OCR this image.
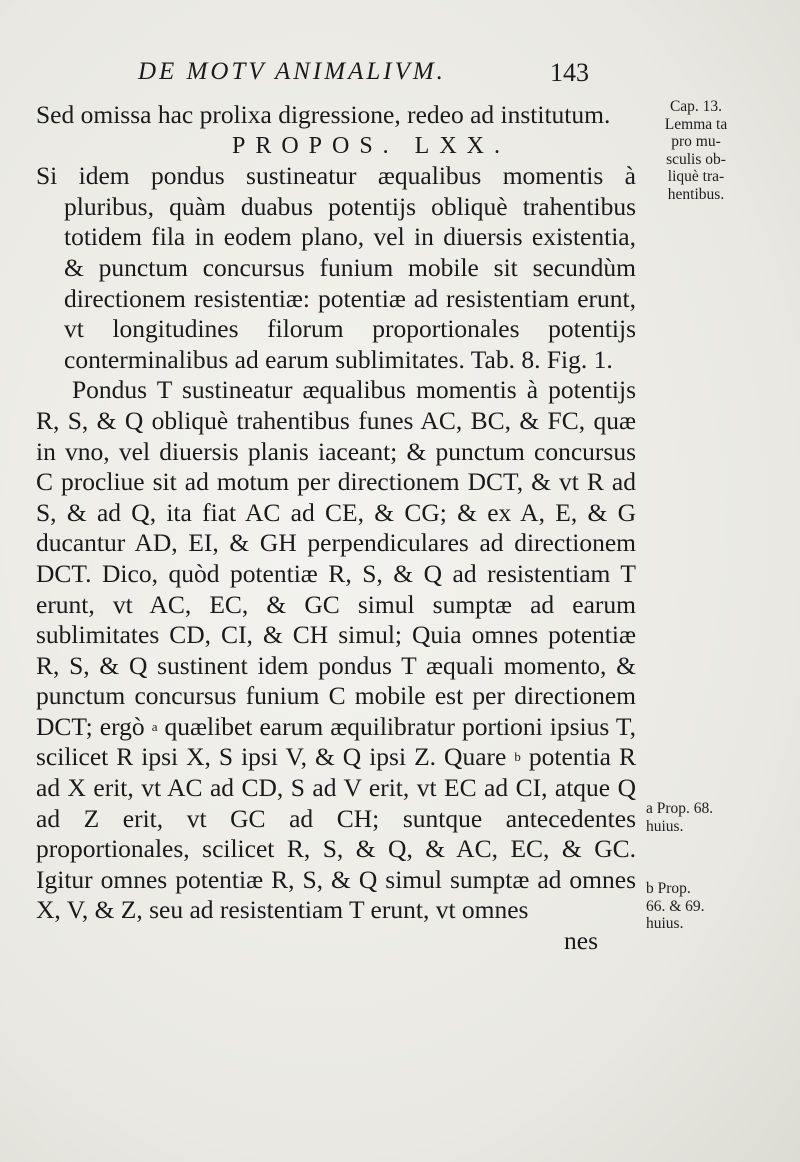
DE MOTV ANIMALIVM.	143

Sed omissa hac prolixa digressione, redeo ad institutum.

PROPOS. LXX.

Si idem pondus sustineatur æqualibus momentis à pluribus, quàm duabus potentijs obliquè trahentibus totidem fila in eodem plano, vel in diuersis existentia, & punctum concursus funium mobile sit secundùm directionem resistentiæ: potentiæ ad resistentiam erunt, vt longitudines filorum proportionales potentijs conterminalibus ad earum sublimitates. Tab. 8. Fig. 1.

Pondus T sustineatur æqualibus momentis à potentijs R, S, & Q obliquè trahentibus funes AC, BC, & FC, quæ in vno, vel diuersis planis iaceant; & punctum concursus C procliue sit ad motum per directionem DCT, & vt R ad S, & ad Q, ita fiat AC ad CE, & CG; & ex A, E, & G ducantur AD, EI, & GH perpendiculares ad directionem DCT. Dico, quòd potentiæ R, S, & Q ad resistentiam T erunt, vt AC, EC, & GC simul sumptæ ad earum sublimitates CD, CI, & CH simul; Quia omnes potentiæ R, S, & Q sustinent idem pondus T æquali momento, & punctum concursus funium C mobile est per directionem DCT; ergò $^a$ quælibet earum æquilibratur portioni ipsius T, scilicet R ipsi X, S ipsi V, & Q ipsi Z. Quare $^b$ potentia R ad X erit, vt AC ad CD, S ad V erit, vt EC ad CI, atque Q ad Z erit, vt GC ad CH; suntque antecedentes proportionales, scilicet R, S, & Q, & AC, EC, & GC. Igitur omnes potentiæ R, S, & Q simul sumptæ ad omnes X, V, & Z, seu ad resistentiam T erunt, vt omnes

nes

Cap. 13.
Lemma ta
pro mu-
sculis ob-
liquè tra-
hentibus.
a Prop. 68.
huius.
b Prop.
66. & 69.
huius.
